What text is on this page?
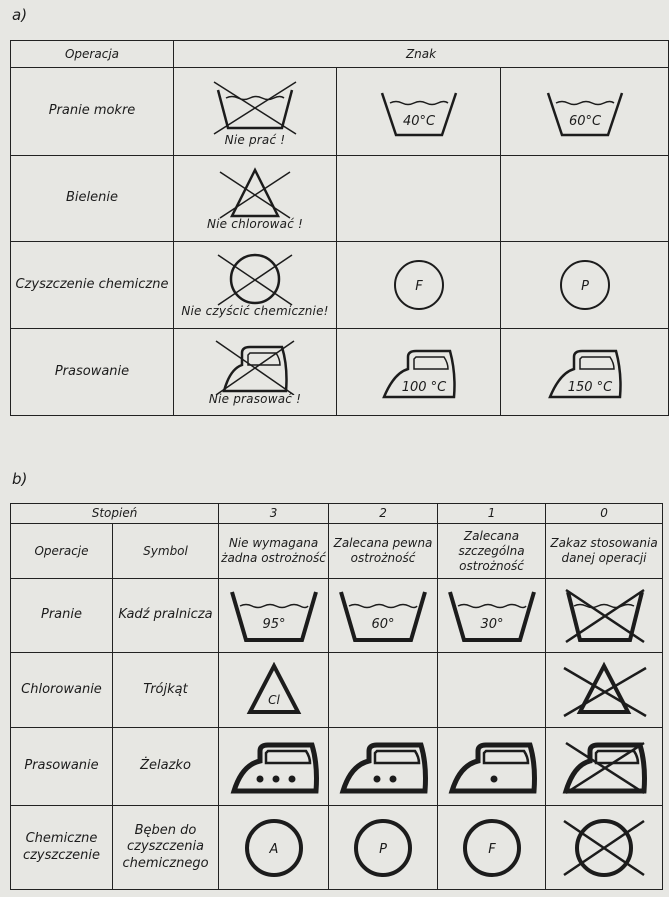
a)
Operacja	Znak		
Pranie mokre	Nie prać !	40°C	60°C

Bielenie	Nie chlorować !		

Czyszczenie chemiczne	Nie czyścić chemicznie!	F	P

Prasowanie	Nie prasować !	100 °C	150 °C
b)
Stopień		3	2	1	0
Operacje	Symbol	Nie wymagana żadna ostrożność	Zalecana pewna ostrożność	Zalecana szczególna ostrożność	Zakaz stosowania danej operacji
Pranie	Kadź pralnicza	95°	60°	30°

Chlorowanie	Trójkąt	Cl

Prasowanie	Żelazko	

Chemiczne czyszczenie	Bęben do czyszczenia chemicznego	A	P	F
